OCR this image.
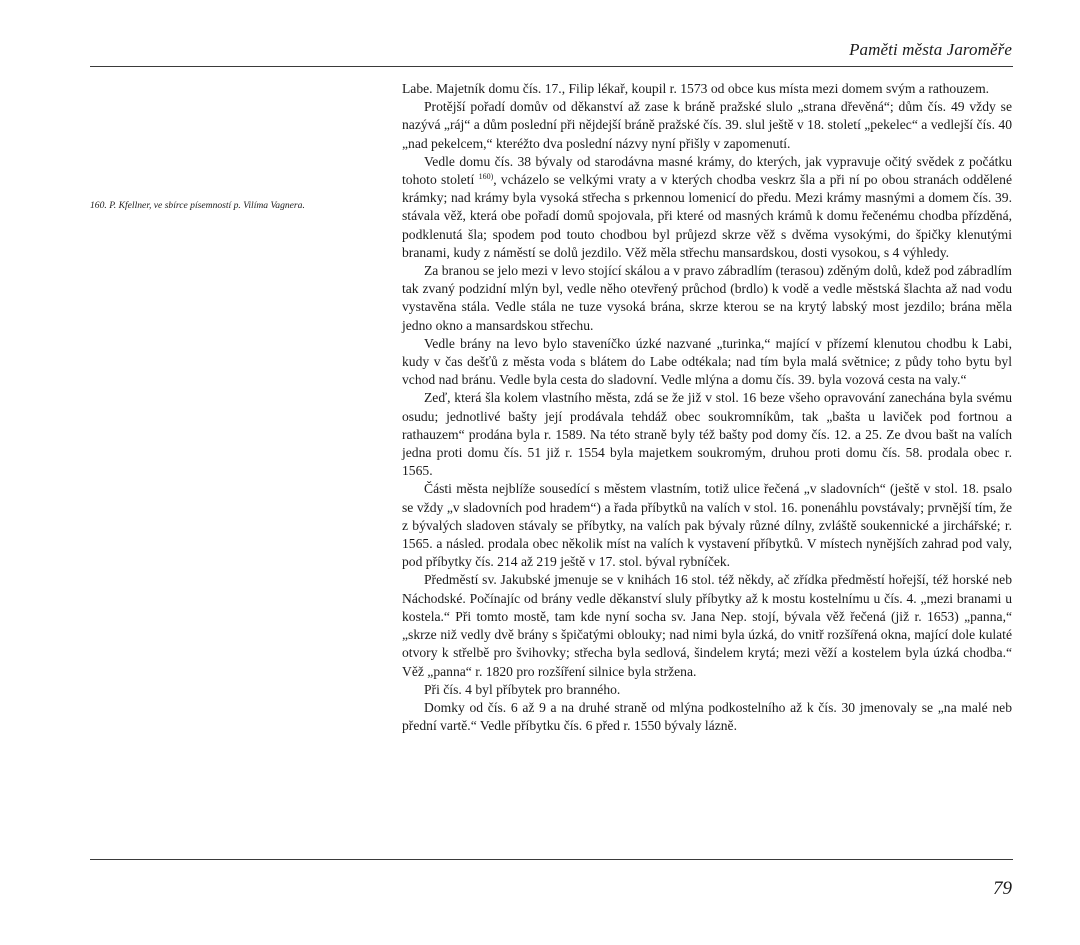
Paměti města Jaroměře
160. P. Kfellner, ve sbírce písemností p. Vilíma Vagnera.

Labe. Majetník domu čís. 17., Filip lékař, koupil r. 1573 od obce kus místa mezi domem svým a rathouzem.

Protější pořadí domův od děkanství až zase k bráně pražské slulo „strana dřevěná“; dům čís. 49 vždy se nazývá „ráj“ a dům poslední při nějdejší bráně pražské čís. 39. slul ještě v 18. století „pekelec“ a vedlejší čís. 40 „nad pekelcem,“ kteréžto dva poslední názvy nyní přišly v zapomenutí.

Vedle domu čís. 38 bývaly od starodávna masné krámy, do kterých, jak vypravuje očitý svědek z počátku tohoto století $^{160)}$, vcházelo se velkými vraty a v kterých chodba veskrz šla a při ní po obou stranách oddělené krámky; nad krámy byla vysoká střecha s prkennou lomenicí do předu. Mezi krámy masnými a domem čís. 39. stávala věž, která obe pořadí domů spojovala, při které od masných krámů k domu řečenému chodba přízděná, podklenutá šla; spodem pod touto chodbou byl průjezd skrze věž s dvěma vysokými, do špičky klenutými branami, kudy z náměstí se dolů jezdilo. Věž měla střechu mansardskou, dosti vysokou, s 4 výhledy.

Za branou se jelo mezi v levo stojící skálou a v pravo zábradlím (terasou) zděným dolů, kdež pod zábradlím tak zvaný podzidní mlýn byl, vedle něho otevřený průchod (brdlo) k vodě a vedle městská šlachta až nad vodu vystavěna stála. Vedle stála ne tuze vysoká brána, skrze kterou se na krytý labský most jezdilo; brána měla jedno okno a mansardskou střechu.

Vedle brány na levo bylo staveníčko úzké nazvané „turinka,“ mající v přízemí klenutou chodbu k Labi, kudy v čas dešťů z města voda s blátem do Labe odtékala; nad tím byla malá světnice; z půdy toho bytu byl vchod nad bránu. Vedle byla cesta do sladovní. Vedle mlýna a domu čís. 39. byla vozová cesta na valy.“

Zeď, která šla kolem vlastního města, zdá se že již v stol. 16 beze všeho opravování zanechána byla svému osudu; jednotlivé bašty její prodávala tehdáž obec soukromníkům, tak „bašta u laviček pod fortnou a rathauzem“ prodána byla r. 1589. Na této straně byly též bašty pod domy čís. 12. a 25. Ze dvou bašt na valích jedna proti domu čís. 51 již r. 1554 byla majetkem soukromým, druhou proti domu čís. 58. prodala obec r. 1565.

Části města nejblíže sousedící s městem vlastním, totiž ulice řečená „v sladovních“ (ještě v stol. 18. psalo se vždy „v sladovních pod hradem“) a řada příbytků na valích v stol. 16. ponenáhlu povstávaly; prvnější tím, že z bývalých sladoven stávaly se příbytky, na valích pak bývaly různé dílny, zvláště soukennické a jirchářské; r. 1565. a násled. prodala obec několik míst na valích k vystavení příbytků. V místech nynějších zahrad pod valy, pod příbytky čís. 214 až 219 ještě v 17. stol. býval rybníček.

Předměstí sv. Jakubské jmenuje se v knihách 16 stol. též někdy, ač zřídka předměstí hořejší, též horské neb Náchodské. Počínajíc od brány vedle děkanství sluly příbytky až k mostu kostelnímu u čís. 4. „mezi branami u kostela.“ Při tomto mostě, tam kde nyní socha sv. Jana Nep. stojí, bývala věž řečená (již r. 1653) „panna,“ „skrze niž vedly dvě brány s špičatými oblouky; nad nimi byla úzká, do vnitř rozšířená okna, mající dole kulaté otvory k střelbě pro švihovky; střecha byla sedlová, šindelem krytá; mezi věží a kostelem byla úzká chodba.“ Věž „panna“ r. 1820 pro rozšíření silnice byla stržena.

Při čís. 4 byl příbytek pro branného.

Domky od čís. 6 až 9 a na druhé straně od mlýna podkostelního až k čís. 30 jmenovaly se „na malé neb přední vartě.“ Vedle příbytku čís. 6 před r. 1550 bývaly lázně.

79
